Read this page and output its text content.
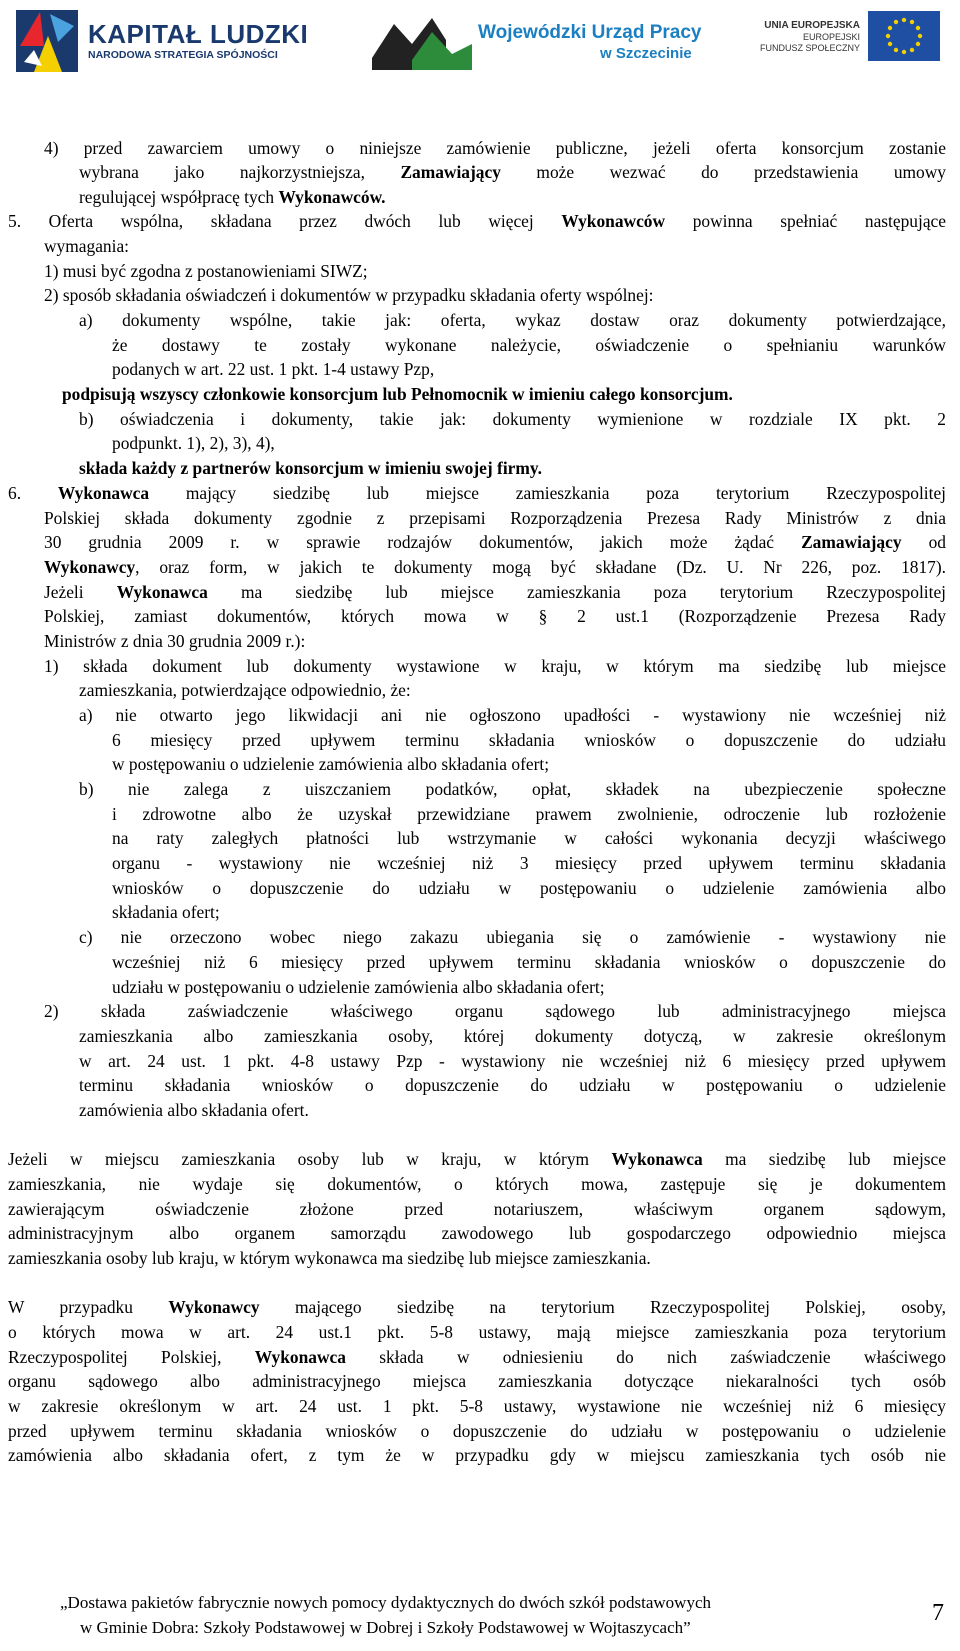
KAPITAŁ LUDZKI
NARODOWA STRATEGIA SPÓJNOŚCI
Wojewódzki Urząd Pracy
w Szczecinie
UNIA EUROPEJSKA
EUROPEJSKI
FUNDUSZ SPOŁECZNY
4) przed zawarciem umowy o niniejsze zamówienie publiczne, jeżeli oferta konsorcjum zostanie
wybrana jako najkorzystniejsza, Zamawiający może wezwać do przedstawienia umowy
regulującej współpracę tych Wykonawców.
5. Oferta wspólna, składana przez dwóch lub więcej Wykonawców powinna spełniać następujące
wymagania:
1) musi być zgodna z postanowieniami SIWZ;
2) sposób składania oświadczeń i dokumentów w przypadku składania oferty wspólnej:
a) dokumenty wspólne, takie jak: oferta, wykaz dostaw oraz dokumenty potwierdzające,
że dostawy te zostały wykonane należycie, oświadczenie o spełnianiu warunków
podanych w art. 22 ust. 1 pkt. 1-4 ustawy Pzp,
podpisują wszyscy członkowie konsorcjum lub Pełnomocnik w imieniu całego konsorcjum.
b) oświadczenia i dokumenty, takie jak: dokumenty wymienione w rozdziale IX pkt. 2
podpunkt. 1), 2), 3), 4),
składa każdy z partnerów konsorcjum w imieniu swojej firmy.
6. Wykonawca mający siedzibę lub miejsce zamieszkania poza terytorium Rzeczypospolitej
Polskiej składa dokumenty zgodnie z przepisami Rozporządzenia Prezesa Rady Ministrów z dnia
30 grudnia 2009 r. w sprawie rodzajów dokumentów, jakich może żądać Zamawiający od
Wykonawcy, oraz form, w jakich te dokumenty mogą być składane (Dz. U. Nr 226, poz. 1817).
Jeżeli Wykonawca ma siedzibę lub miejsce zamieszkania poza terytorium Rzeczypospolitej
Polskiej, zamiast dokumentów, których mowa w § 2 ust.1 (Rozporządzenie Prezesa Rady
Ministrów z dnia 30 grudnia 2009 r.):
1) składa dokument lub dokumenty wystawione w kraju, w którym ma siedzibę lub miejsce
zamieszkania, potwierdzające odpowiednio, że:
a) nie otwarto jego likwidacji ani nie ogłoszono upadłości - wystawiony nie wcześniej niż
6 miesięcy przed upływem terminu składania wniosków o dopuszczenie do udziału
w postępowaniu o udzielenie zamówienia albo składania ofert;
b) nie zalega z uiszczaniem podatków, opłat, składek na ubezpieczenie społeczne
i zdrowotne albo że uzyskał przewidziane prawem zwolnienie, odroczenie lub rozłożenie
na raty zaległych płatności lub wstrzymanie w całości wykonania decyzji właściwego
organu - wystawiony nie wcześniej niż 3 miesięcy przed upływem terminu składania
wniosków o dopuszczenie do udziału w postępowaniu o udzielenie zamówienia albo
składania ofert;
c) nie orzeczono wobec niego zakazu ubiegania się o zamówienie - wystawiony nie
wcześniej niż 6 miesięcy przed upływem terminu składania wniosków o dopuszczenie do
udziału w postępowaniu o udzielenie zamówienia albo składania ofert;
2) składa zaświadczenie właściwego organu sądowego lub administracyjnego miejsca
zamieszkania albo zamieszkania osoby, której dokumenty dotyczą, w zakresie określonym
w art. 24 ust. 1 pkt. 4-8 ustawy Pzp - wystawiony nie wcześniej niż 6 miesięcy przed upływem
terminu składania wniosków o dopuszczenie do udziału w postępowaniu o udzielenie
zamówienia albo składania ofert.
Jeżeli w miejscu zamieszkania osoby lub w kraju, w którym Wykonawca ma siedzibę lub miejsce
zamieszkania, nie wydaje się dokumentów, o których mowa, zastępuje się je dokumentem
zawierającym oświadczenie złożone przed notariuszem, właściwym organem sądowym,
administracyjnym albo organem samorządu zawodowego lub gospodarczego odpowiednio miejsca
zamieszkania osoby lub kraju, w którym wykonawca ma siedzibę lub miejsce zamieszkania.
W przypadku Wykonawcy mającego siedzibę na terytorium Rzeczypospolitej Polskiej, osoby,
o których mowa w art. 24 ust.1 pkt. 5-8 ustawy, mają miejsce zamieszkania poza terytorium
Rzeczypospolitej Polskiej, Wykonawca składa w odniesieniu do nich zaświadczenie właściwego
organu sądowego albo administracyjnego miejsca zamieszkania dotyczące niekaralności tych osób
w zakresie określonym w art. 24 ust. 1 pkt. 5-8 ustawy, wystawione nie wcześniej niż 6 miesięcy
przed upływem terminu składania wniosków o dopuszczenie do udziału w postępowaniu o udzielenie
zamówienia albo składania ofert, z tym że w przypadku gdy w miejscu zamieszkania tych osób nie
„Dostawa pakietów fabrycznie nowych pomocy dydaktycznych do dwóch szkół podstawowych
w Gminie Dobra: Szkoły Podstawowej w Dobrej i Szkoły Podstawowej w Wojtaszycach”
7
